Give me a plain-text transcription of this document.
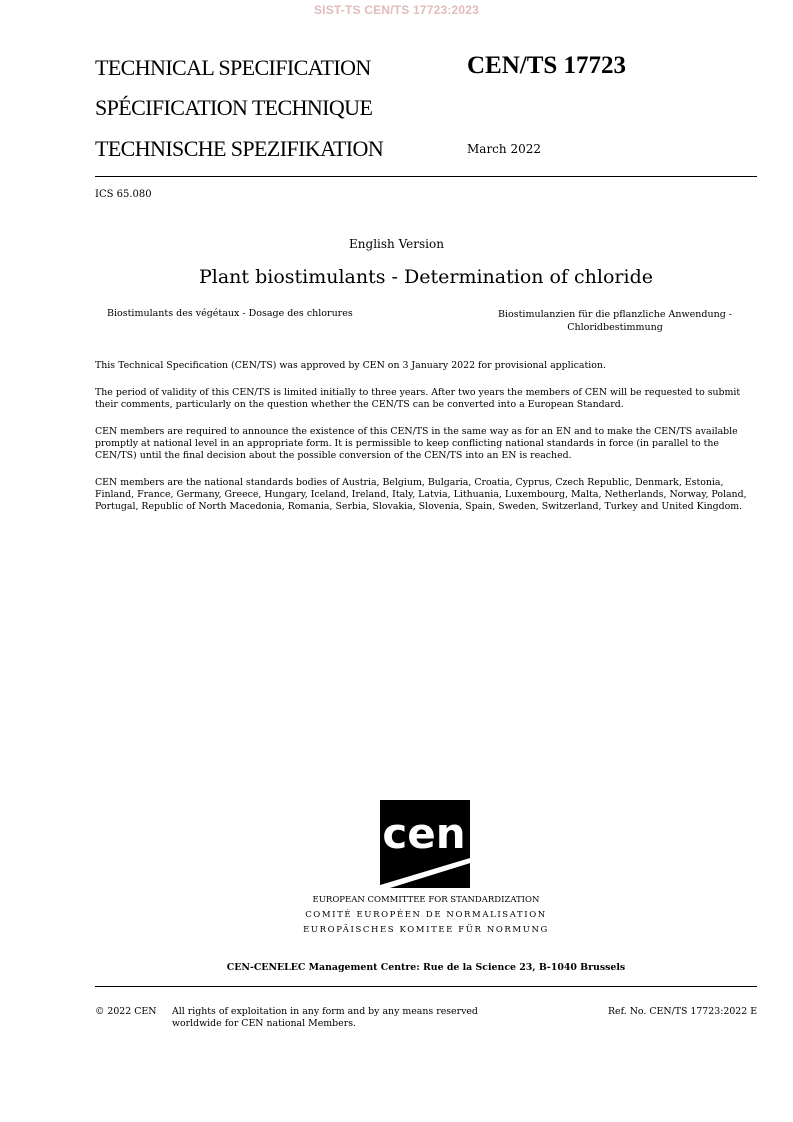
SIST-TS CEN/TS 17723:2023
TECHNICAL SPECIFICATION
SPÉCIFICATION TECHNIQUE
TECHNISCHE SPEZIFIKATION
CEN/TS 17723
March 2022
ICS 65.080
English Version
Plant biostimulants - Determination of chloride
Biostimulants des végétaux - Dosage des chlorures	Biostimulanzien für die pflanzliche Anwendung -
Chloridbestimmung
This Technical Specification (CEN/TS) was approved by CEN on 3 January 2022 for provisional application.
The period of validity of this CEN/TS is limited initially to three years. After two years the members of CEN will be requested to submit their comments, particularly on the question whether the CEN/TS can be converted into a European Standard.
CEN members are required to announce the existence of this CEN/TS in the same way as for an EN and to make the CEN/TS available promptly at national level in an appropriate form. It is permissible to keep conflicting national standards in force (in parallel to the CEN/TS) until the final decision about the possible conversion of the CEN/TS into an EN is reached.
CEN members are the national standards bodies of Austria, Belgium, Bulgaria, Croatia, Cyprus, Czech Republic, Denmark, Estonia, Finland, France, Germany, Greece, Hungary, Iceland, Ireland, Italy, Latvia, Lithuania, Luxembourg, Malta, Netherlands, Norway, Poland, Portugal, Republic of North Macedonia, Romania, Serbia, Slovakia, Slovenia, Spain, Sweden, Switzerland, Turkey and United Kingdom.
cen
EUROPEAN COMMITTEE FOR STANDARDIZATION
COMITÉ EUROPÉEN DE NORMALISATION
EUROPÄISCHES KOMITEE FÜR NORMUNG
CEN-CENELEC Management Centre: Rue de la Science 23, B-1040 Brussels
© 2022 CEN All rights of exploitation in any form and by any means reserved
worldwide for CEN national Members.
Ref. No. CEN/TS 17723:2022 E
